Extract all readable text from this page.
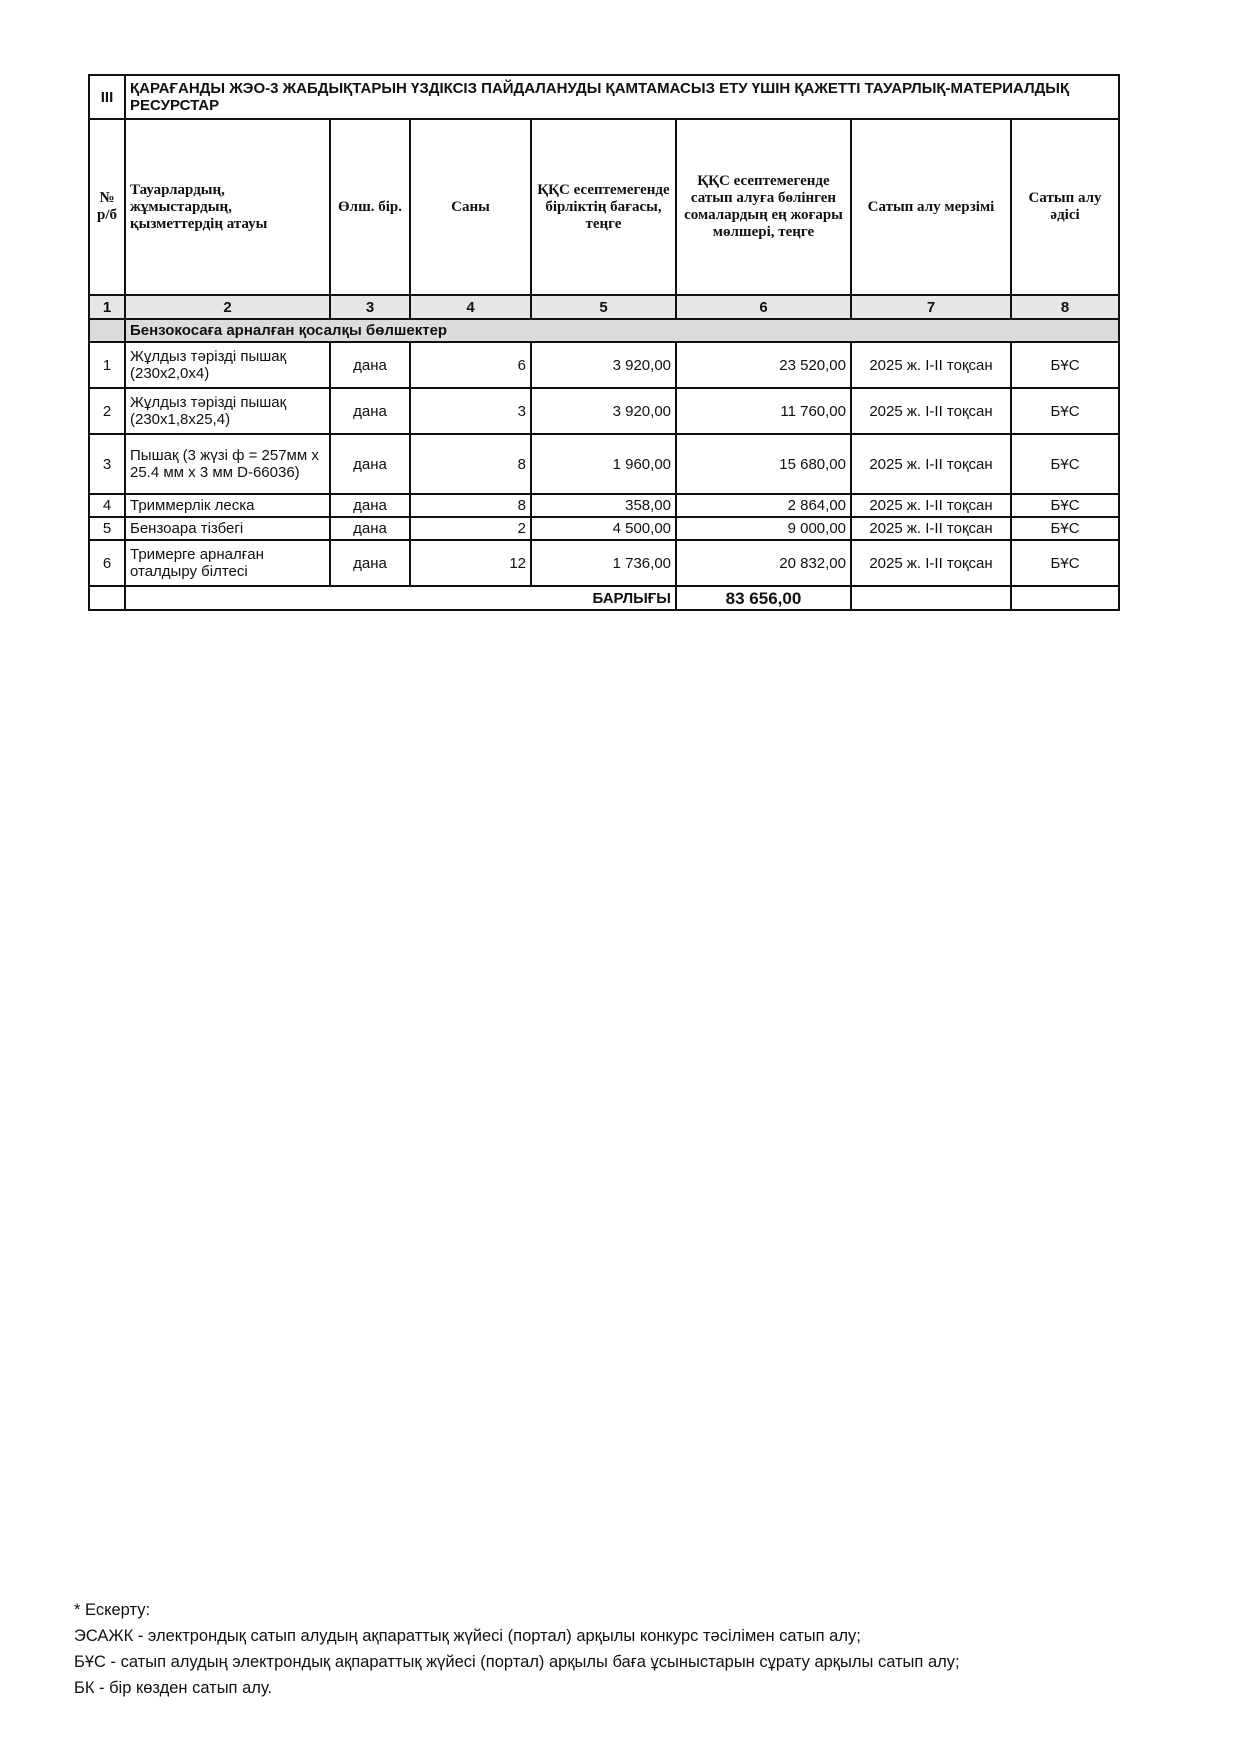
III	ҚАРАҒАНДЫ ЖЭО-3 ЖАБДЫҚТАРЫН ҮЗДІКСІЗ ПАЙДАЛАНУДЫ ҚАМТАМАСЫЗ ЕТУ ҮШІН ҚАЖЕТТІ ТАУАРЛЫҚ-МАТЕРИАЛДЫҚ РЕСУРСТАР						
№ р/б	Тауарлардың, жұмыстардың, қызметтердің атауы	Өлш. бір.	Саны	ҚҚС есептемегенде бірліктің бағасы, теңге	ҚҚС есептемегенде сатып алуға бөлінген сомалардың ең жоғары мөлшері, теңге	Сатып алу мерзімі	Сатып алу әдісі
1	2	3	4	5	6	7	8
	Бензокосаға арналған қосалқы бөлшектер						
1	Жұлдыз тәрізді пышақ (230х2,0х4)	дана	6	3 920,00	23 520,00	2025 ж. I-II тоқсан	БҰС
2	Жұлдыз тәрізді пышақ (230х1,8х25,4)	дана	3	3 920,00	11 760,00	2025 ж. I-II тоқсан	БҰС
3	Пышақ (3 жүзі ф = 257мм х 25.4 мм х 3 мм D-66036)	дана	8	1 960,00	15 680,00	2025 ж. I-II тоқсан	БҰС
4	Триммерлік леска	дана	8	358,00	2 864,00	2025 ж. I-II тоқсан	БҰС
5	Бензоара тізбегі	дана	2	4 500,00	9 000,00	2025 ж. I-II тоқсан	БҰС
6	Тримерге арналған оталдыру білтесі	дана	12	1 736,00	20 832,00	2025 ж. I-II тоқсан	БҰС
	БАРЛЫҒЫ				83 656,00		
* Ескерту:
ЭСАЖК - электрондық сатып алудың ақпараттық жүйесі (портал) арқылы конкурс тәсілімен сатып алу;
БҰС - сатып алудың электрондық ақпараттық жүйесі (портал) арқылы баға ұсыныстарын сұрату арқылы сатып алу;
БК - бір көзден сатып алу.
